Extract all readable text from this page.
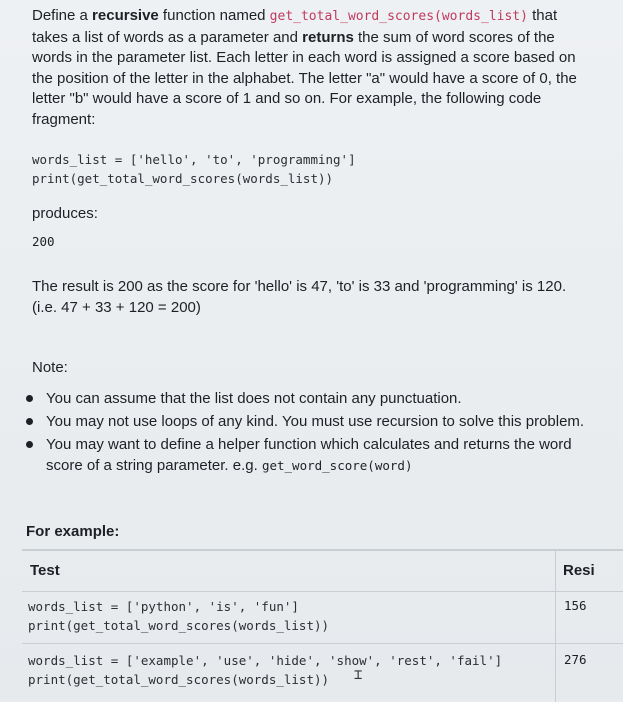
Define a recursive function named get_total_word_scores(words_list) that takes a list of words as a parameter and returns the sum of word scores of the words in the parameter list. Each letter in each word is assigned a score based on the position of the letter in the alphabet. The letter "a" would have a score of 0, the letter "b" would have a score of 1 and so on. For example, the following code fragment:
words_list = ['hello', 'to', 'programming']
print(get_total_word_scores(words_list))
produces:
200
The result is 200 as the score for 'hello' is 47, 'to' is 33 and 'programming' is 120. (i.e. 47 + 33 + 120 = 200)
Note:
You can assume that the list does not contain any punctuation.
You may not use loops of any kind. You must use recursion to solve this problem.
You may want to define a helper function which calculates and returns the word score of a string parameter. e.g. get_word_score(word)
For example:
Test	Resi
words_list = ['python', 'is', 'fun']
print(get_total_word_scores(words_list))
156
words_list = ['example', 'use', 'hide', 'show', 'rest', 'fail']
print(get_total_word_scores(words_list))
276
⌶
